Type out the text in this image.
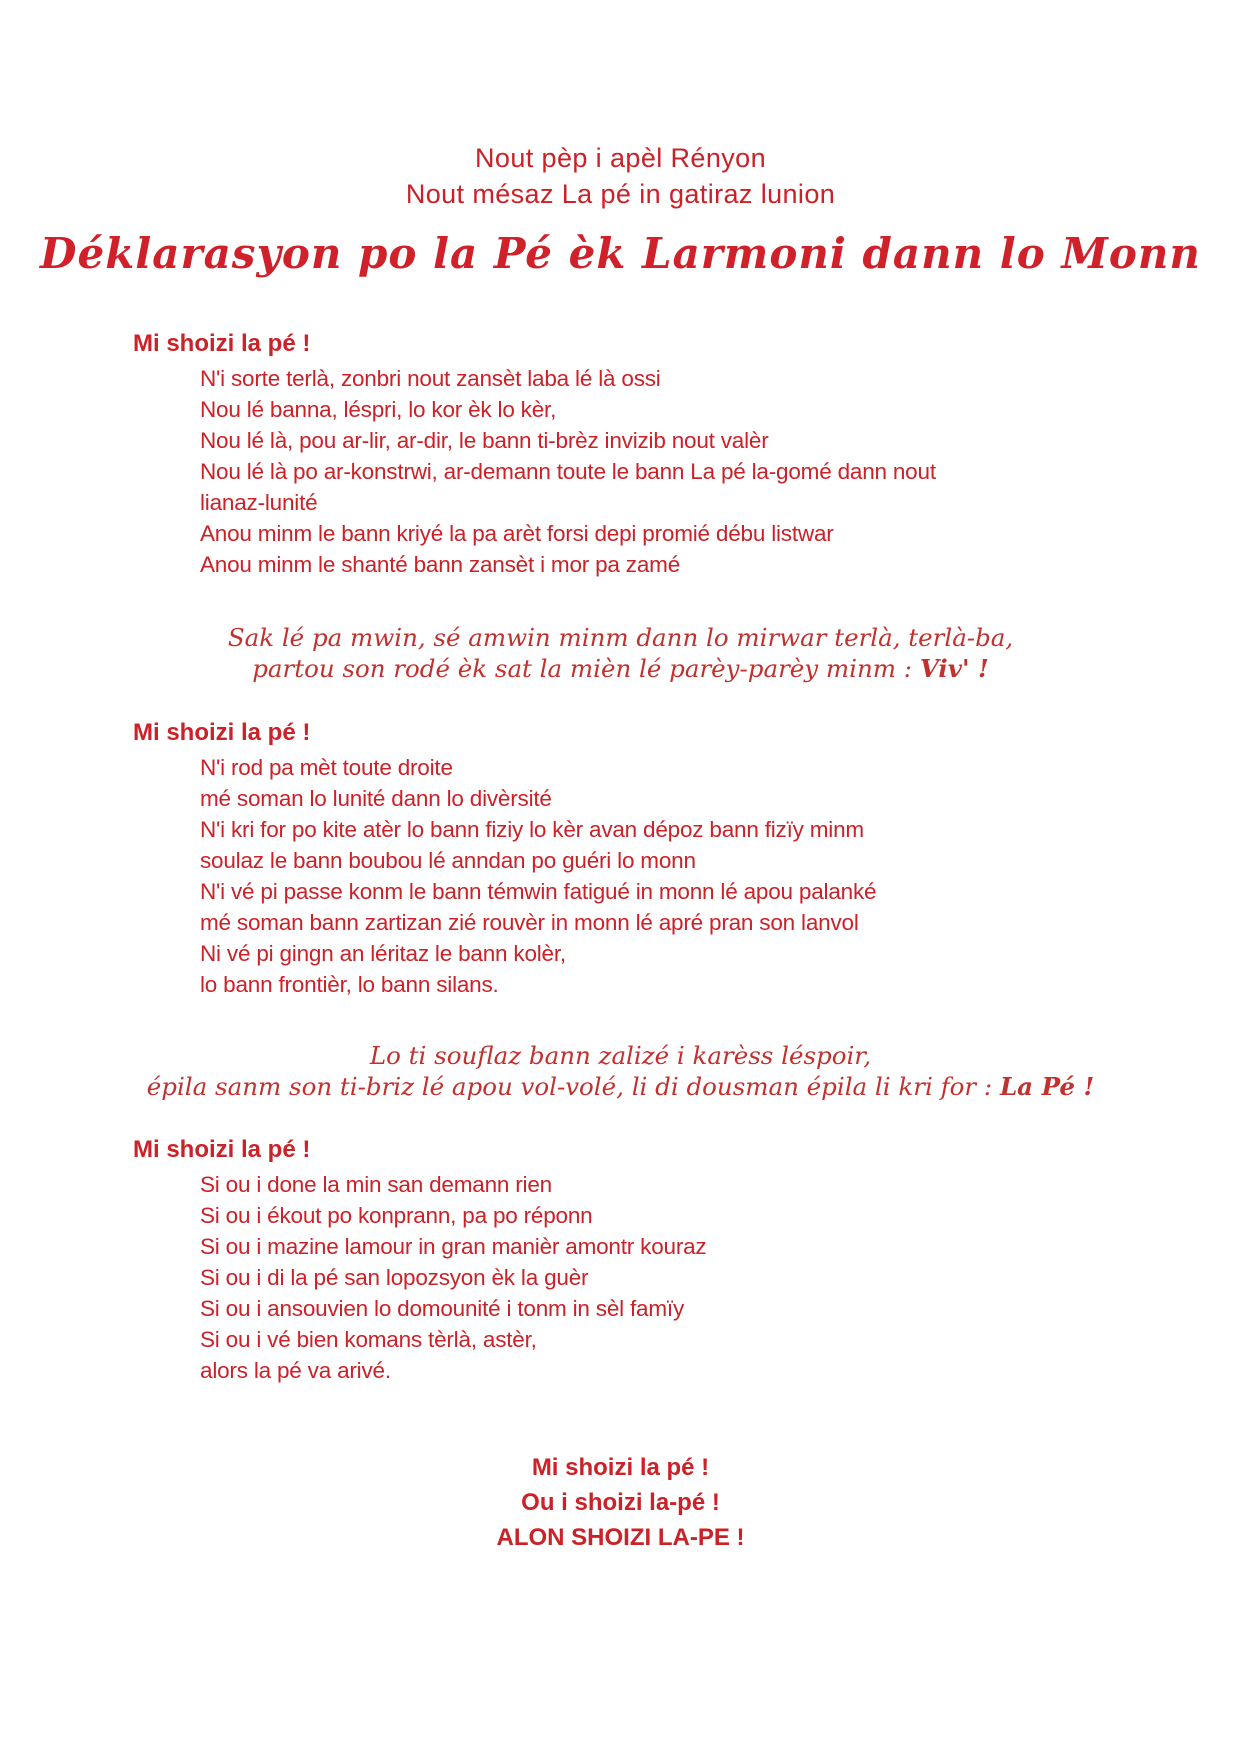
Nout pèp i apèl Rényon
Nout mésaz La pé in gatiraz lunion
Déklarasyon po la Pé èk Larmoni dann lo Monn
Mi shoizi la pé !
N'i sorte terlà, zonbri nout zansèt laba lé là ossi
Nou lé banna, léspri, lo kor èk lo kèr,
Nou lé là, pou ar-lir, ar-dir, le bann ti-brèz invizib nout valèr
Nou lé là po ar-konstrwi, ar-demann toute le bann La pé la-gomé dann nout
lianaz-lunité
Anou minm le bann kriyé la pa arèt forsi depi promié débu listwar
Anou minm le shanté bann zansèt i mor pa zamé
Sak lé pa mwin, sé amwin minm dann lo mirwar terlà, terlà-ba,
partou son rodé èk sat la mièn lé parèy-parèy minm : Viv' !
Mi shoizi la pé !
N'i rod pa mèt toute droite
mé soman lo lunité dann lo divèrsité
N'i kri for po kite atèr lo bann fiziy lo kèr avan dépoz bann fizïy minm
soulaz le bann boubou lé anndan po guéri lo monn
N'i vé pi passe konm le bann témwin fatigué in monn lé apou palanké
mé soman bann zartizan zié rouvèr in monn lé apré pran son lanvol
Ni vé pi gingn an léritaz le bann kolèr,
lo bann frontièr, lo bann silans.
Lo ti souflaz bann zalizé i karèss léspoir,
épila sanm son ti-briz lé apou vol-volé, li di dousman épila li kri for : La Pé !
Mi shoizi la pé !
Si ou i done la min san demann rien
Si ou i ékout po konprann, pa po réponn
Si ou i mazine lamour in gran manièr amontr kouraz
Si ou i di la pé san lopozsyon èk la guèr
Si ou i ansouvien lo domounité i tonm in sèl famïy
Si ou i vé bien komans tèrlà, astèr,
alors la pé va arivé.
Mi shoizi la pé !
Ou i shoizi la-pé !
ALON SHOIZI LA-PE !
